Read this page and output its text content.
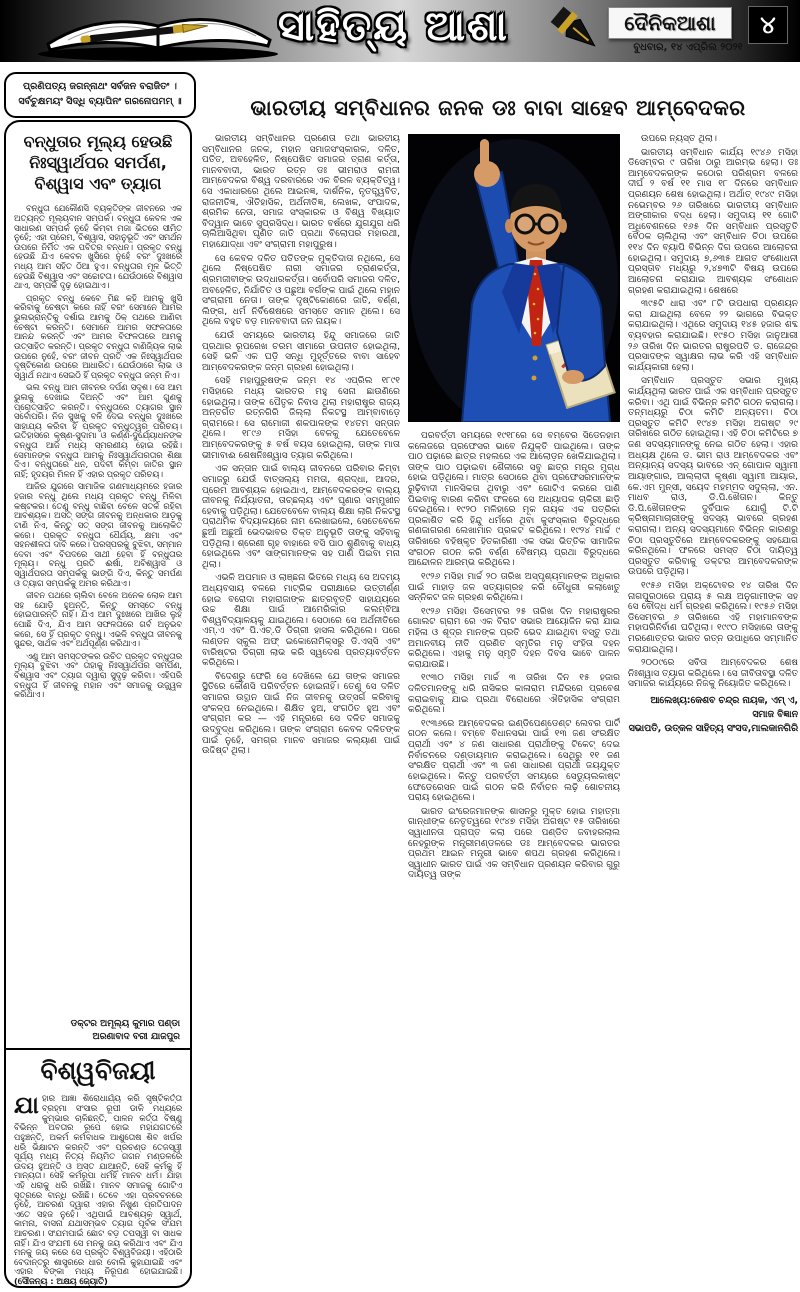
ସାହିତ୍ୟ ଆଶା	ଦୈନିକଆଶା	୪
ବୁଧବାର, ୧୪ ଏପ୍ରିଲ ୨୦୨୧
ପ୍ରଣିପତ୍ୟ ଜଗନ୍ନାଥଂ ସର୍ବଜନ ବରାଜିତଂ ।
ସର୍ବଚୁକ୍ଷମୟଂ ସିଦ୍ଧି ବ୍ୟାପିନଂ ଗରନୋପମମ୍ ॥
ବନ୍ଧୁତାର ମୂଲ୍ୟ ହେଉଛି ନିଃସ୍ୱାର୍ଥପର ସମର୍ପଣ, ବିଶ୍ୱାସ ଏବଂ ତ୍ୟାଗ

ବନ୍ଧୁତା ଯେକୌଣସି ବ୍ୟକ୍ତିଙ୍କ ଜୀବନରେ ଏକ ଅତ୍ୟନ୍ତ ମୂଲ୍ୟବାନ ସମ୍ପର୍କ। ବନ୍ଧୁତା କେବଳ ଏକ ସାଧାରଣ ସମ୍ପର୍କ ନୁହେଁ କିମ୍ବା ମଜା ଭିତରେ ସୀମିତ ନୁହେଁ; ଏହା ପ୍ରେମ, ବିଶ୍ୱାସ, ସହାନୁଭୂତି ଏବଂ ସମର୍ଥନ ଉପରେ ନିର୍ମିତ ଏକ ପବିତ୍ର ବନ୍ଧନ। ପ୍ରକୃତ ବନ୍ଧୁ ହେଉଛି ଯିଏ କେବଳ ଖୁସିରେ ନୁହେଁ ବରଂ ଦୁଃଖରେ ମଧ୍ୟ ଆମ ସହିତ ଠିଆ ହୁଏ। ବନ୍ଧୁତାର ମୂଳ ଭିତ୍ତି ହେଉଛି ବିଶ୍ୱାସ ଏବଂ ସଚ୍ଚୋଟତା। ଯେଉଁଠାରେ ବିଶ୍ୱାସ ଥାଏ, ସମ୍ପର୍କ ଦୃଢ଼ ହୋଇଥାଏ।

ପ୍ରକୃତ ବନ୍ଧୁ କେବେ ମିଛ କହି ଆମକୁ ଖୁସି କରିବାକୁ ଚେଷ୍ଟା କରେ ନାହିଁ ବରଂ ସେମାନେ ଆମର ଭୁଲଭ୍ରାନ୍ତିକୁ ଦର୍ଶାଇ ଆମକୁ ଠିକ୍ ପଥରେ ଆଣିବା ଚେଷ୍ଟା କରନ୍ତି। ସେମାନେ ଆମର ସଫଳତାରେ ଆନନ୍ଦ କରନ୍ତି ଏବଂ ଆମର ବିଫଳତାରେ ଆମକୁ ଉତ୍ସାହିତ କରନ୍ତି। ପ୍ରକୃତ ବନ୍ଧୁତା ବାଣିଜ୍ୟିକ ଲାଭ ଉପରେ ନୁହେଁ, ବରଂ ଜୀବନ ପ୍ରତି ଏକ ନିଃସ୍ୱାର୍ଥପର ଦୃଷ୍ଟିକୋଣ ଉପରେ ଆଧାରିତ। ଯେଉଁଠାରେ ଲାଭ ଓ ସ୍ୱାର୍ଥ ନଥାଏ ସେଇଠି ହିଁ ପ୍ରକୃତ ବନ୍ଧୁତା ଜନ୍ମ ନିଏ।

ଭଲ ବନ୍ଧୁ ଆମ ଜୀବନର ଦର୍ପଣ ସଦୃଶ। ସେ ଆମ ଭୁଲକୁ ଦେଖାଇ ଦିଅନ୍ତି ଏବଂ ଆମ ଗୁଣକୁ ପ୍ରୋତ୍ସାହିତ କରନ୍ତି। ବନ୍ଧୁତାରେ ତ୍ୟାଗର ସ୍ଥାନ ସର୍ବୋପରି। ନିଜ ସୁଖକୁ ବଳି ଦେଇ ବନ୍ଧୁର ଦୁଃଖରେ ସାହାଯ୍ୟ କରିବା ହିଁ ପ୍ରକୃତ ବନ୍ଧୁତ୍ୱର ପରିଚୟ। ଇତିହାସରେ କୃଷ୍ଣ-ସୁଦାମା ଓ କର୍ଣ୍ଣ-ଦୁର୍ଯ୍ୟୋଧନଙ୍କ ବନ୍ଧୁତା ଆଜି ମଧ୍ୟ ସ୍ମରଣୀୟ ହୋଇ ରହିଛି। ସେମାନଙ୍କ ବନ୍ଧୁତା ଆମକୁ ନିଃସ୍ୱାର୍ଥପରତାର ଶିକ୍ଷା ଦିଏ। ବନ୍ଧୁତାରେ ଧନ, ପଦବୀ କିମ୍ବା ଜାତିର ସ୍ଥାନ ନାହିଁ; ହୃଦୟର ମିଳନ ହିଁ ଏହାର ପ୍ରକୃତ ପରିଚୟ।

ଆଜିର ଯୁଗରେ ସାମାଜିକ ଗଣମାଧ୍ୟମରେ ହଜାର ହଜାର ବନ୍ଧୁ ଥିଲେ ମଧ୍ୟ ପ୍ରକୃତ ବନ୍ଧୁ ମିଳିବା କଷ୍ଟକର। ତେଣୁ ବନ୍ଧୁ ବାଛିବା ବେଳେ ସତର୍କ ରହିବା ଆବଶ୍ୟକ। ଅସତ୍ ସଙ୍ଗ ଜୀବନକୁ ଅନ୍ଧକାର ଆଡ଼କୁ ଟାଣି ନିଏ, କିନ୍ତୁ ସତ୍ ସଙ୍ଗ ଜୀବନକୁ ଆଲୋକିତ କରେ। ପ୍ରକୃତ ବନ୍ଧୁତା ଧୈର୍ଯ୍ୟ, କ୍ଷମା ଏବଂ ସହନଶୀଳତା ଦାବି କରେ। ପରସ୍ପରକୁ ବୁଝିବା, ସମ୍ମାନ ଦେବା ଏବଂ ବିପଦରେ ସାଥୀ ହେବା ହିଁ ବନ୍ଧୁତାର ମୂଲ୍ୟ। ବନ୍ଧୁ ପ୍ରତି ଈର୍ଷା, ଅବିଶ୍ୱାସ ଓ ସ୍ୱାର୍ଥପରତା ସମ୍ପର୍କକୁ ଭାଙ୍ଗି ଦିଏ, କିନ୍ତୁ ସମର୍ପଣ ଓ ତ୍ୟାଗ ସମ୍ପର୍କକୁ ଅମର କରିଥାଏ।

ଜୀବନ ପଥରେ ଚାଲିବା ବେଳେ ଅନେକ ଲୋକ ଆମ ସହ ଯୋଡ଼ି ହୁଅନ୍ତି, କିନ୍ତୁ ସମସ୍ତେ ବନ୍ଧୁ ହୋଇପାରନ୍ତି ନାହିଁ। ଯିଏ ଆମ ଦୁଃଖରେ ଆଖିର ଲୁହ ପୋଛି ଦିଏ, ଯିଏ ଆମ ସଫଳତାରେ ଗର୍ବ ଅନୁଭବ କରେ, ସେ ହିଁ ପ୍ରକୃତ ବନ୍ଧୁ। ଏଭଳି ବନ୍ଧୁତା ଜୀବନକୁ ସୁନ୍ଦର, ସାର୍ଥକ ଏବଂ ଅର୍ଥପୂର୍ଣ୍ଣ କରିଥାଏ।

ଏଣୁ ଆମ ସମସ୍ତଙ୍କର ଉଚିତ ପ୍ରକୃତ ବନ୍ଧୁତାର ମୂଲ୍ୟ ବୁଝିବା ଏବଂ ତାହାକୁ ନିଃସ୍ୱାର୍ଥପର ସମର୍ପଣ, ବିଶ୍ୱାସ ଏବଂ ତ୍ୟାଗ ଦ୍ୱାରା ସୁଦୃଢ଼ କରିବା। ଏହିପରି ବନ୍ଧୁତା ହିଁ ଜୀବନକୁ ମହାନ ଏବଂ ସମାଜକୁ ଉଜ୍ଜ୍ୱଳ କରିଥାଏ।

ଡକ୍ଟର ଅମୂଲ୍ୟ କୁମାର ପଣ୍ଡା
ଅରଣାବାଦ ବରୀ ଯାଜପୁର
ବିଶ୍ୱବିଜୟୀ

ଯାହାର ଆଜ୍ଞା ଶିରୋଧାର୍ଯ୍ୟ କରି ସୃଷ୍ଟିକର୍ତ୍ତା ବ୍ରହ୍ମା ସଂସାର ରୂପୀ ଡାଳି ମଧ୍ୟରେ କୁମ୍ଭାର ଚାଳିଛନ୍ତି, ପାଳନ କର୍ତ୍ତା ବିଷ୍ଣୁ ବିଭିନ୍ନ ଅବତାର ରୂପେ ହୋଇ ମହାଯଗତରେ ପହୁଞ୍ଚନ୍ତି, ଅକର୍ମ କର୍ମବାଧକ ଆଶୁତୋଷ ଶିବ ଖର୍ପର ଧରି ଭିକ୍ଷାଟନ କରନ୍ତି ଏବଂ ପ୍ରଚଣ୍ଡ ତେଜସ୍ୱୀ ସୂର୍ଯ୍ୟ ମଧ୍ୟ ନିତ୍ୟ ନିୟମିତ ଗଗନ ମଣ୍ଡଳରେ ଉଦୟ ହୁଅନ୍ତି ଓ ଅସ୍ତ ଯାଆନ୍ତି, ସେହି କର୍ମକୁ ହିଁ ମାନ୍ୟତା। ସେହି କର୍ମରୂପା ଧର୍ମହିଁ ମାନବ ଧର୍ମ। ଯାହା ଏହି ଧରାକୁ ଧରି ରଖିଛି। ମାନବ ସମାଜକୁ ଗୋଟିଏ ସୂତ୍ରରେ ବାନ୍ଧି ରଖିଛି। ତେବେ ଏହା ପ୍ରବଚନରେ ନୁହେଁ, ଆଚରଣ ଦ୍ୱାରା ଏହାର ନିଖୁଣ ପ୍ରତିପାଦନ ଏତେ ସହଜ ନୁହେଁ। ଏଥିପାଇଁ ଆବଶ୍ୟକ ସ୍ୱାର୍ଥ, କାମନା, ବାସନା ଯଥାସମ୍ଭବ ତ୍ୟାଗ ପୂର୍ବକ ସଂଯମ ଆଚରଣ। ସଂଯମପାଇଁ ଛୋଟ ବଡ଼ ତପସ୍ୱୀ ବା ସାଧକ ନାହିଁ। ଯିଏ ସଂଯମୀ ସେ ମନକୁ ଜୟ କରିଥାଏ ଏବଂ ଯିଏ ମନକୁ ଜୟ କରେ ସେ ପ୍ରକୃତ ବିଶ୍ୱବିଜୟୀ। ଏହିଠାରି ବେଦାନ୍ତରୁ ଶାସ୍ତ୍ରରେ ଧାର ବୋଲି କୁହାଯାଇଛି ଏବଂ ଏହାର ବଙ୍କା ମଧ୍ୟ ନିରୂପଣ ହୋଇଯାଇଛି। (ସୌଜନ୍ୟ : ଅକ୍ଷୟ ଜ୍ୟୋତି)

ଭାରତୀୟ ସମ୍ବିଧାନର ଜନକ ଡଃ ବାବା ସାହେବ ଆମ୍ବେଦକର

ଭାରତୀୟ ସମ୍ବିଧାନର ପ୍ରଣେତା ତଥା ଭାରତୀୟ ସମ୍ବିଧାନର ଜନକ, ମହାନ ସମାଜସଂସ୍କାରକ, ଦଳିତ, ପତିତ, ଅବହେଳିତ, ନିଷ୍ପେଷିତ ସମାଜର ତ୍ରାଣ କର୍ତ୍ତା, ମାନବବାଦୀ, ଭାରତ ରତ୍ନ ଡଃ ଭୀମରାଓ ରାମଜୀ ଆମ୍ବେଦକର ବିଶ୍ୱ ଦରବାରରେ ଏକ ବିରଳ ବ୍ୟକ୍ତିତ୍ୱ। ସେ ଏକାଧାରରେ ଥିଲେ ଆଇନଜ୍ଞ, ଦାର୍ଶନିକ, ନୃତତ୍ତ୍ୱବିତ, ରାଜନୀତିଜ୍ଞ, ଐତିହାସିକ, ଅର୍ଥନୀତିଜ୍ଞ, ଲେଖକ, ସଂପାଦକ, ଶ୍ରମିକ ନେତା, ସମାଜ ସଂସ୍କାରକ ଓ ବିଶ୍ୱ ବିଖ୍ୟାତ ବିଦ୍ୱାନ ଭାବେ ସୁପ୍ରସିଦ୍ଧ। ଭାରତ ବର୍ଷରେ ଯୁଗଯୁଗ ଧରି ଚାଲିଆସିଥିବା ଘୃଣିତ ଜାତି ପ୍ରଥା ବିଲୋପର ମହାରଥୀ, ମହାଯୋଦ୍ଧା ଏବଂ ସଂଗ୍ରାମୀ ମହାପୁରୁଷ।

ସେ କେବଳ ଦଳିତ ପତିତଙ୍କ ମୁକ୍ତିଦାତା ନଥିଲେ, ସେ ଥିଲେ ନିଷ୍ପେଷିତ ନାରୀ ସମାଜର ତ୍ରାଣକର୍ତ୍ତା, ଶ୍ରମଜୀବୀଙ୍କ ଉଦ୍ଧାରକର୍ତ୍ତା। ସର୍ବୋପରି ସମାଜର ଦଳିତ, ଅବହେଳିତ, ନିର୍ଯାତିତ ଓ ପଛୁଆ ବର୍ଗଙ୍କ ପାଇଁ ଥିଲେ ମହାନ ସଂଗ୍ରାମୀ ନେତା। ତାଙ୍କ ଦୃଷ୍ଟିକୋଣରେ ଜାତି, ବର୍ଣ୍ଣ, ଲିଙ୍ଗ, ଧର୍ମ ନିର୍ବିଶେଷରେ ସମସ୍ତେ ସମାନ ଥିଲେ। ସେ ଥିଲେ ବହୁତ ବଡ଼ ମାନବବାଦୀ ଜନ ନାୟକ।

ଯେଉଁ ସମୟରେ ଭାରତୀୟ ହିନ୍ଦୁ ସମାଜରେ ଜାତି ପ୍ରଥାର ରୂପରେଖ ଚରମ ସୀମାରେ ଉପନୀତ ହୋଇଥିଲା, ସେହି ଭଳି ଏକ ଘଡ଼ି ସନ୍ଧି ମୁହୂର୍ତ୍ତରେ ବାବା ସାହେବ ଆମ୍ବେଦକରଙ୍କ ଜନ୍ମ ଗ୍ରହଣ ହୋଇଥିଲା।

ସେହି ମହାପୁରୁଷଙ୍କ ଜନ୍ମ ୧୪ ଏପ୍ରିଲ ୧୮୯୧ ମସିହାରେ ମଧ୍ୟ ଭାରତର ମହୁ ସେନା ଛାଉଣିରେ ହୋଇଥିଲା। ତାଙ୍କ ପୈତୃକ ନିବାସ ଥିଲା ମହାରାଷ୍ଟ୍ର ରାଜ୍ୟ ଅନ୍ତର୍ଗତ ରତ୍ନଗିରି ଜିଲ୍ଲା ନିକଟସ୍ଥ ଆମ୍ବାବାଡ଼େ ଗ୍ରାମରେ। ସେ ରାମୋଜୀ ଶକପାଳଙ୍କ ୧୪ତମ ସନ୍ତାନ ଥିଲେ। ୧୮୯୬ ମସିହା ବେଳକୁ ଯେତେବେଳେ ଆମ୍ବେଦକରଙ୍କୁ ୫ ବର୍ଷ ବୟସ ହୋଇଥିଲା, ତାଙ୍କ ମାତା ଭୀମାବାଈ ଶେଷନିଃଶ୍ୱାସ ତ୍ୟାଗ କରିଥିଲେ।

ଏକ ସନ୍ତାନ ପାଇଁ ବାଲ୍ୟ ଜୀବନରେ ପରିବାର କିମ୍ବା ସମାଜରୁ ଯେଉଁ ବାତ୍ସଲ୍ୟ ମମତା, ଶ୍ରଦ୍ଧା, ଆଦର, ପ୍ରେମ ଆବଶ୍ୟକ ହୋଇଥାଏ, ଆମ୍ବେଦକରଙ୍କ ବାଲ୍ୟ ଜୀବନକୁ ନିର୍ଯ୍ୟାତନା, ତାଚ୍ଛଲ୍ୟ ଏବଂ ଘୃଣାର ସମ୍ମୁଖୀନ ହେବାକୁ ପଡ଼ିଥିଲା। ଯେତେବେଳେ ବାଲ୍ୟ ଶିକ୍ଷା ଲାଗି ନିକଟସ୍ଥ ପ୍ରାଥମିକ ବିଦ୍ୟାଳୟରେ ନାମ ଲେଖାଇଲେ, ସେତେବେଳେ ଛୁଆଁ ଅଛୁଆଁ ଭେଦଭାବର ତିକ୍ତ ଅନୁଭୂତି ତାଙ୍କୁ ସହିବାକୁ ପଡ଼ିଥିଲା। ଶ୍ରେଣୀ ଗୃହ ବାହାରେ ବସି ପାଠ ଶୁଣିବାକୁ ବାଧ୍ୟ ହୋଇଥିଲେ ଏବଂ ସାଙ୍ଗମାନଙ୍କ ସହ ପାଣି ପିଇବା ମନା ଥିଲା।

ଏଭଳି ଅପମାନ ଓ ଲାଞ୍ଛନା ଭିତରେ ମଧ୍ୟ ସେ ଅଦମ୍ୟ ଅଧ୍ୟବସାୟ ବଳରେ ମାଟ୍ରିକ ପରୀକ୍ଷାରେ ଉତ୍ତୀର୍ଣ୍ଣ ହୋଇ ବରୋଦା ମହାରାଜାଙ୍କ ଛାତ୍ରବୃତ୍ତି ସାହାଯ୍ୟରେ ଉଚ୍ଚ ଶିକ୍ଷା ପାଇଁ ଆମେରିକାର କଲମ୍ବିଆ ବିଶ୍ୱବିଦ୍ୟାଳୟକୁ ଯାଇଥିଲେ। ସେଠାରେ ସେ ଅର୍ଥନୀତିରେ ଏମ୍.ଏ ଏବଂ ପି.ଏଚ୍.ଡି ଡିଗ୍ରୀ ହାସଲ କରିଥିଲେ। ପରେ ଲଣ୍ଡନ ସ୍କୁଲ ଅଫ୍ ଇକୋନୋମିକ୍ସରୁ ଡି.ଏସ୍ସି ଏବଂ ବାରିଷ୍ଟର ଡିଗ୍ରୀ ଲାଭ କରି ସ୍ୱଦେଶ ପ୍ରତ୍ୟାବର୍ତ୍ତନ କରିଥିଲେ।

ବିଦେଶରୁ ଫେରି ସେ ଦେଖିଲେ ଯେ ତାଙ୍କ ସମାଜର ସ୍ଥିତିରେ କୌଣସି ପରିବର୍ତ୍ତନ ହୋଇନାହିଁ। ତେଣୁ ସେ ଦଳିତ ସମାଜର ଉତ୍ଥାନ ପାଇଁ ନିଜ ଜୀବନକୁ ଉତ୍ସର୍ଗ କରିବାକୁ ସଂକଳ୍ପ ନେଇଥିଲେ। ଶିକ୍ଷିତ ହୁଅ, ସଂଗଠିତ ହୁଅ ଏବଂ ସଂଗ୍ରାମ କର — ଏହି ମନ୍ତ୍ରରେ ସେ ଦଳିତ ସମାଜକୁ ଉଦ୍‌ବୁଦ୍ଧ କରିଥିଲେ। ତାଙ୍କ ସଂଗ୍ରାମ କେବଳ ଦଳିତଙ୍କ ପାଇଁ ନୁହେଁ, ସମଗ୍ର ମାନବ ସମାଜର କଲ୍ୟାଣ ପାଇଁ ଉଦ୍ଦିଷ୍ଟ ଥିଲା।

ପରବର୍ତ୍ତୀ ସମୟରେ ୧୯୧୮ରେ ସେ ବମ୍ବେର ସିଡେନହାମ କଲେଜରେ ପ୍ରଫେସର ଭାବେ ନିଯୁକ୍ତି ପାଇଥିଲେ। ତାଙ୍କ ପାଠ ପଢ଼ାରେ ଛାତ୍ର ମହଲରେ ଏକ ଆଲୋଡ଼ନ ଖେଳିଯାଇଥିଲା। ତାଙ୍କ ପାଠ ପଢ଼ାଇବା ଶୈଳୀରେ ସବୁ ଛାତ୍ର ମନ୍ତ୍ର ମୁଗ୍ଧ ହୋଇ ପଡ଼ିଥିଲେ। ମାତ୍ର ସେଠାରେ ଥିବା ପ୍ରଫେସରମାନଙ୍କ ରୁଢ଼ିବାଦୀ ମାନସିକତା ଥିବାରୁ ଏବଂ ଗୋଟିଏ କରରେ ପାଣି ପିଇବାକୁ ବାରଣ କରିବା ଫଳରେ ସେ ଅଧ୍ୟାପକ ଚାକିରୀ ଛାଡ଼ି ଦେଇଥିଲେ। ୧୯୨୦ ମଳିହାରେ ମୂକ ନାୟକ ଏକ ପତ୍ରିକା ପ୍ରକାଶିତ କରି ହିନ୍ଦୁ ଧର୍ମରେ ଥିବା କୁସଂସ୍କାର ବିରୁଦ୍ଧରେ ଗଣଜାଗରଣ ଲେଖାମାନ ପ୍ରକଟ କରିଥିଲେ। ୧୯୨୪ ମାର୍ଚ୍ଚ ୯ ତାରିଖରେ ବହିଷ୍କୃତ ହିତକାରିଣୀ ଏକ ସଭା ଭିତ୍ତିକ ସାମାଜିକ ସଂଗଠନ ଗଠନ କରି ବର୍ଣ୍ଣ ବୈଷମ୍ୟ ପ୍ରଥା ବିରୁଦ୍ଧରେ ଆନ୍ଦୋଳନ ଆରମ୍ଭ କରିଥିଲେ।

୧୯୨୬ ମସିହା ମାର୍ଚ୍ଚ ୨୦ ତାରିଖ ଅସ୍ପୃଶ୍ୟମାନଙ୍କ ଅଧିକାର ପାଇଁ ମାହାଡ଼ ଜଳ ସତ୍ୟାଗ୍ରହ କରି ଚୌଧୁରୀ କଲାଖେତୁ ସନ୍ନିକଟ ଜଳ ଗ୍ରହଣ କରିଥିଲେ।

୧୯୨୬ ମସିହା ଡିସେମ୍ବର ୨୫ ତାରିଖ ଦିନ ମହାରାଷ୍ଟ୍ରର ଗୋଲଟ ଗ୍ରାମ ରେ ଏକ ବିରାଟ ସଭାର ଆୟୋଜିନ କରା ଯାଇ ମହିଳା ଓ ଶୂଦ୍ର ମାନଙ୍କ ପ୍ରତି ଭେଦ ଯାଇଥିବା ବସ୍ତୁ ତଥା ଅମାନବୀୟ ନୀତି ପ୍ରଣିତ ସ୍ମୃତିର ମନୁ ସଂହିତା ଦହନ କରିଥିଲେ। ଏହାକୁ ମନୁ ସ୍ମୃତି ଦହନ ଦିବସ ଭାବେ ପାଳନ କରାଯାଉଛି।

୧୯୩୦ ମସିହା ମାର୍ଚ୍ଚ ୩ ତାରିଖ ଦିନ ୧୫ ହଜାର ଦଳିତମାନଙ୍କୁ ଧରି ନାସିକର କାଳାରାମ ମନ୍ଦିରରେ ପ୍ରବେଶ କରାଇବାକୁ ଯାଇ ପ୍ରଥା ବିରୋଧରେ ଐତିହାସିକ ସଂଗ୍ରାମ କରିଥିଲେ।

୧୯୩୬ରେ ଆମ୍ବେଦକର ଇଣ୍ଡିପେଣ୍ଡେଣ୍ଟ ଲେବର ପାର୍ଟି ଗଠନ କଲେ। ବମ୍ବେ ବିଧାନସଭା ପାଇଁ ୧୩ ଜଣ ସଂରକ୍ଷିତ ପ୍ରାର୍ଥୀ ଏବଂ ୪ ଜଣ ସାଧାରଣ ପ୍ରାର୍ଥୀଙ୍କୁ ଟିକେଟ୍ ଦେଇ ନିର୍ବାଚନରେ ଦଣ୍ଡାୟମାନ କରାଇଥିଲେ। ସେଥିରୁ ୧୧ ଜଣ ସଂରକ୍ଷିତ ପ୍ରାର୍ଥୀ ଏବଂ ୩ ଜଣ ସାଧାରଣ ପ୍ରାର୍ଥୀ ଜୟଯୁକ୍ତ ହୋଇଥିଲେ। କିନ୍ତୁ ପରବର୍ତ୍ତୀ ସମୟରେ ସେଡ୍ୟୁଲକାଷ୍ଟ ଫେଡେରେସନ ପାଇଁ ଗଠନ କରି ନିର୍ବାଚନ ଲଢ଼ି ଶୋଚନୀୟ ପରାୟ ହୋଇଥିଲେ।

ଭାରତ ଇଂରେଜମାନଙ୍କ ଶାସନରୁ ମୁକ୍ତ ହୋଇ ମହାତ୍ମା ଗାନ୍ଧୀଙ୍କ ନେତୃତ୍ୱରେ ୧୯୪୭ ମସିହା ଅଗଷ୍ଟ ୧୫ ତାରିଖରେ ସ୍ୱାଧୀନତା ପ୍ରାପ୍ତ କଲା ପରେ ପଣ୍ଡିତ ଜବାହରଲାଲ ନେହରୁଙ୍କ ମନ୍ତ୍ରୀମଣ୍ଡଳରେ ଡଃ ଆମ୍ବେଦକର ଭାରତର ପ୍ରଥମ ଆଇନ ମନ୍ତ୍ରୀ ଭାବେ ଶପଥ ଗ୍ରହଣ କରିଥିଲେ। ସ୍ୱାଧୀନ ଭାରତ ପାଇଁ ଏକ ସମ୍ବିଧାନ ପ୍ରଣୟନ କରିବାର ଗୁରୁ ଦାୟିତ୍ୱ ତାଙ୍କ

ଉପରେ ନ୍ୟସ୍ତ ଥିଲା।

ଭାରତୀୟ ସମ୍ବିଧାନ କାର୍ଯ୍ୟ ୧୯୪୬ ମସିହା ଡିସେମ୍ବର ୯ ତାରିଖ ଠାରୁ ଆରମ୍ଭ ହେଲା। ଡଃ ଆମ୍ବେଦକରଙ୍କ କଠୋର ପରିଶ୍ରମ ବଳରେ ଦୀର୍ଘ ୨ ବର୍ଷ ୧୧ ମାସ ୧୮ ଦିନରେ ସମ୍ବିଧାନ ପ୍ରଣୟନ ଶେଷ ହୋଇଥିଲା। ଅର୍ଥାତ୍ ୧୯୪୯ ମସିହା ନଭେମ୍ବର ୨୬ ତାରିଖରେ ଭାରତୀୟ ସମ୍ବିଧାନ ଅଙ୍ଗୀକାର ବଦ୍ଧ ହେଲା। ସମୁଦାୟ ୧୧ ଗୋଟି ଅଧିବେଶନରେ ୧୬୫ ଦିନ ସମ୍ବିଧାନ ପ୍ରସ୍ତୁତି ବୈଠକ ଚାଲିଥିଲା ଏବଂ ସମ୍ବିଧାନ ଚିଠା ଉପରେ ୧୧୪ ଦିନ ବ୍ୟାପି ବିଭିନ୍ନ ଦିଗ ଉପରେ ଆଲୋଚନା ହୋଇଥିଲା। ସମୁଦାୟ ୭,୬୩୫ ଆଗତ ସଂଶୋଧନୀ ପ୍ରସ୍ତାବ ମଧ୍ୟରୁ ୨,୪୭୩ଟି ବିଷୟ ଉପରେ ଆଲୋଚନା କରାଯାଇ ଆବଶ୍ୟକ ସଂଶୋଧନ ଗ୍ରହଣ କରାଯାଇଥିଲା। ଶେଷରେ

୩୯୫ଟି ଧାରା ଏବଂ ୮ଟି ଉପଧାରା ପ୍ରଣୟନ କରା ଯାଇଥିଲା ବେଳେ ୨୨ ଭାଗରେ ବିଭକ୍ତ କରାଯାଇଥିଲା। ଏଥିରେ ସମୁଦାୟ ୧୪୫ ହଜାର ଶବ୍ଦ ବ୍ୟବହାର କରାଯାଇଛି। ୧୯୫୦ ମସିହା ଜାନୁଆରୀ ୨୬ ତାରିଖ ଦିନ ଭାରତର ରାଷ୍ଟ୍ରପତି ଡ. ରାଜେନ୍ଦ୍ର ପ୍ରସାଦଙ୍କ ସ୍ୱାକ୍ଷର ଲାଭ କରି ଏହି ସମ୍ବିଧାନ କାର୍ଯ୍ୟକାରୀ ହେଲା।

ସମ୍ବିଧାନ ପ୍ରସ୍ତୁତ ସଭାର ମୁଖ୍ୟ କାର୍ଯ୍ୟଥିଲା ଭାରତ ପାଇଁ ଏକ ସମ୍ବିଧାନ ପ୍ରସ୍ତୁତ କରିବା। ଏଥି ପାଇଁ ବିଭିନ୍ନ କମିଟି ଗଠନ କରାଗଲା। ତନ୍ମଧ୍ୟରୁ ଚିଠା କମିଟି ଅନ୍ୟତମ। ଚିଠା ପ୍ରସ୍ତୁତ କମିଟି ୧୯୪୭ ମସିହା ଅଗଷ୍ଟ ୨୯ ତାରିଖରେ ଗଠିତ ହୋଇଥିଲା। ଏହି ଚିଠା କମିଟିରେ ୭ ଜଣ ସଦସ୍ୟମାନଙ୍କୁ ନେଇ ଗଠିତ ହେଲା। ଏହାର ଅଧ୍ୟକ୍ଷ ଥିଲେ ଡ. ଭୀମ ରାଓ ଆମ୍ବେଦକର ଏବଂ ଅନ୍ୟାନ୍ୟ ସଦସ୍ୟ ଭାବରେ ଏନ୍ ଗୋପାଳ ସ୍ୱାମୀ ଆୟାଙ୍ଗାର, ଆଲ୍ଲାଦୀ କୃଷ୍ଣା ସ୍ୱାମୀ ଆୟାର, କେ.ଏମ ମୁନ୍ସୀ, ସୟେଦ ମହମ୍ମଦ ସଦୁଲ୍ଲା, ଏନ. ମାଧବ ରାଓ, ଡି.ପି.ଖୈତାନ। କିନ୍ତୁ ଡି.ପି.ଖୈତାନଙ୍କ ଦୁର୍ବିପାକ ଯୋଗୁଁ ଟି.ଟି କ୍ରିଷ୍ନାମାଚାରୀଙ୍କୁ ସଦସ୍ୟ ଭାବରେ ଗ୍ରହଣ କରାଗଲା। ଅନ୍ୟ ସଦସ୍ୟମାନେ ବିଭିନ୍ନ କାରଣରୁ ଚିଠା ପ୍ରସ୍ତୁତିରେ ଆମ୍ବେଦକରଙ୍କୁ ସହଯୋଗ କରିନଥିଲେ। ଫଳରେ ସମସ୍ତ ଚିଠା ଦାୟିତ୍ୱ ପ୍ରସ୍ତୁତ କରିବାକୁ ଡକ୍ଟର ଆମ୍ବେଦକରଙ୍କ ଉପରେ ପଡ଼ିଥିଲା।

୧୯୫୬ ମସିହା ଅକ୍ଟୋବର ୧୪ ତାରିଖ ଦିନ ନାଗପୁରଠାରେ ପ୍ରାୟ ୫ ଲକ୍ଷ ଅନୁଗାମୀଙ୍କ ସହ ସେ ବୌଦ୍ଧ ଧର୍ମ ଗ୍ରହଣ କରିଥିଲେ। ୧୯୫୬ ମସିହା ଡିସେମ୍ବର ୬ ତାରିଖରେ ଏହି ମହାମାନବଙ୍କ ମହାପରିନିର୍ବାଣ ଘଟିଥିଲା। ୧୯୯୦ ମସିହାରେ ତାଙ୍କୁ ମରଣୋତ୍ତର ଭାରତ ରତ୍ନ ଉପାଧିରେ ସମ୍ମାନିତ କରାଯାଇଥିଲା।

୨୦୦୯ରେ ସବିତା ଆମ୍ବେଦକର ଶେଷ ନିଃଶ୍ୱାସ ତ୍ୟାଗ କରିଥିଲେ। ସେ ଜୀବିତାବସ୍ଥା ଦଳିତ ସମାଜର କାର୍ଯ୍ୟରେ ନିଜକୁ ନିୟୋଜିତ କରିଥିଲେ।

ଆଲେଖ୍ୟ:କେଶବ ଚନ୍ଦ୍ର ନାୟକ, ଏମ୍ ଏ, ସମାଜ ବିଜ୍ଞାନ
ସଭାପତି, ଉତ୍କଳ ସାହିତ୍ୟ ସଂସଦ,ମାଲକାନଗିରି
